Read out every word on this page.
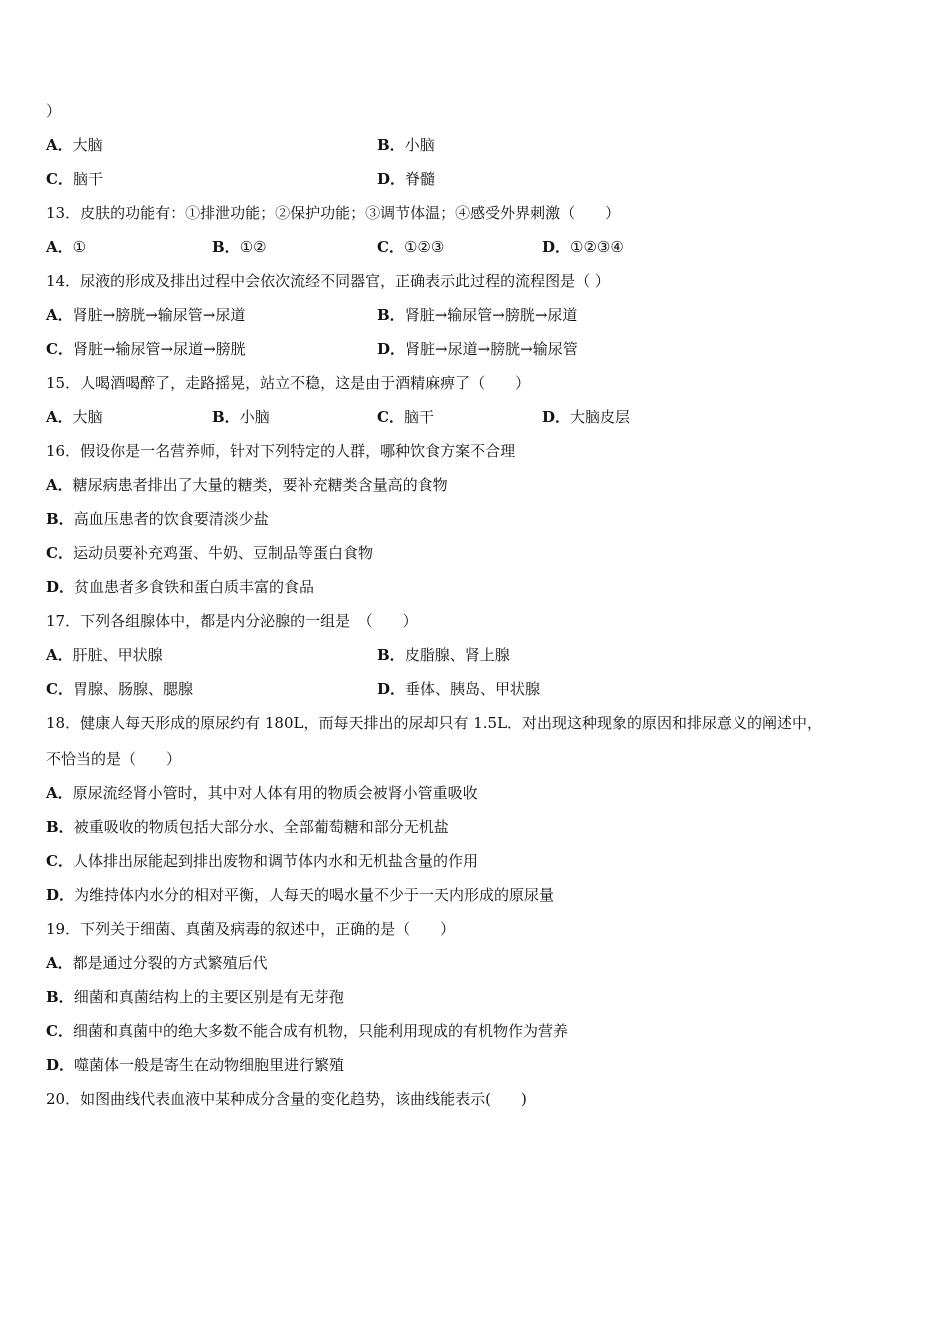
）
A．大脑	B．小脑
C．脑干	D．脊髓
13．皮肤的功能有：①排泄功能；②保护功能；③调节体温；④感受外界刺激（　　）
A．①	B．①②	C．①②③	D．①②③④
14．尿液的形成及排出过程中会依次流经不同器官，正确表示此过程的流程图是（ ）
A．肾脏→膀胱→输尿管→尿道	B．肾脏→输尿管→膀胱→尿道
C．肾脏→输尿管→尿道→膀胱	D．肾脏→尿道→膀胱→输尿管
15．人喝酒喝醉了，走路摇晃，站立不稳，这是由于酒精麻痹了（　　）
A．大脑	B．小脑	C．脑干	D．大脑皮层
16．假设你是一名营养师，针对下列特定的人群，哪种饮食方案不合理
A．糖尿病患者排出了大量的糖类，要补充糖类含量高的食物
B．高血压患者的饮食要清淡少盐
C．运动员要补充鸡蛋、牛奶、豆制品等蛋白食物
D．贫血患者多食铁和蛋白质丰富的食品
17．下列各组腺体中，都是内分泌腺的一组是　（　　）
A．肝脏、甲状腺	B．皮脂腺、肾上腺
C．胃腺、肠腺、腮腺	D．垂体、胰岛、甲状腺
18．健康人每天形成的原尿约有 180L，而每天排出的尿却只有 1.5L．对出现这种现象的原因和排尿意义的阐述中，
不恰当的是（　　）
A．原尿流经肾小管时，其中对人体有用的物质会被肾小管重吸收
B．被重吸收的物质包括大部分水、全部葡萄糖和部分无机盐
C．人体排出尿能起到排出废物和调节体内水和无机盐含量的作用
D．为维持体内水分的相对平衡，人每天的喝水量不少于一天内形成的原尿量
19．下列关于细菌、真菌及病毒的叙述中，正确的是（　　）
A．都是通过分裂的方式繁殖后代
B．细菌和真菌结构上的主要区别是有无芽孢
C．细菌和真菌中的绝大多数不能合成有机物，只能利用现成的有机物作为营养
D．噬菌体一般是寄生在动物细胞里进行繁殖
20．如图曲线代表血液中某种成分含量的变化趋势，该曲线能表示(　　)
